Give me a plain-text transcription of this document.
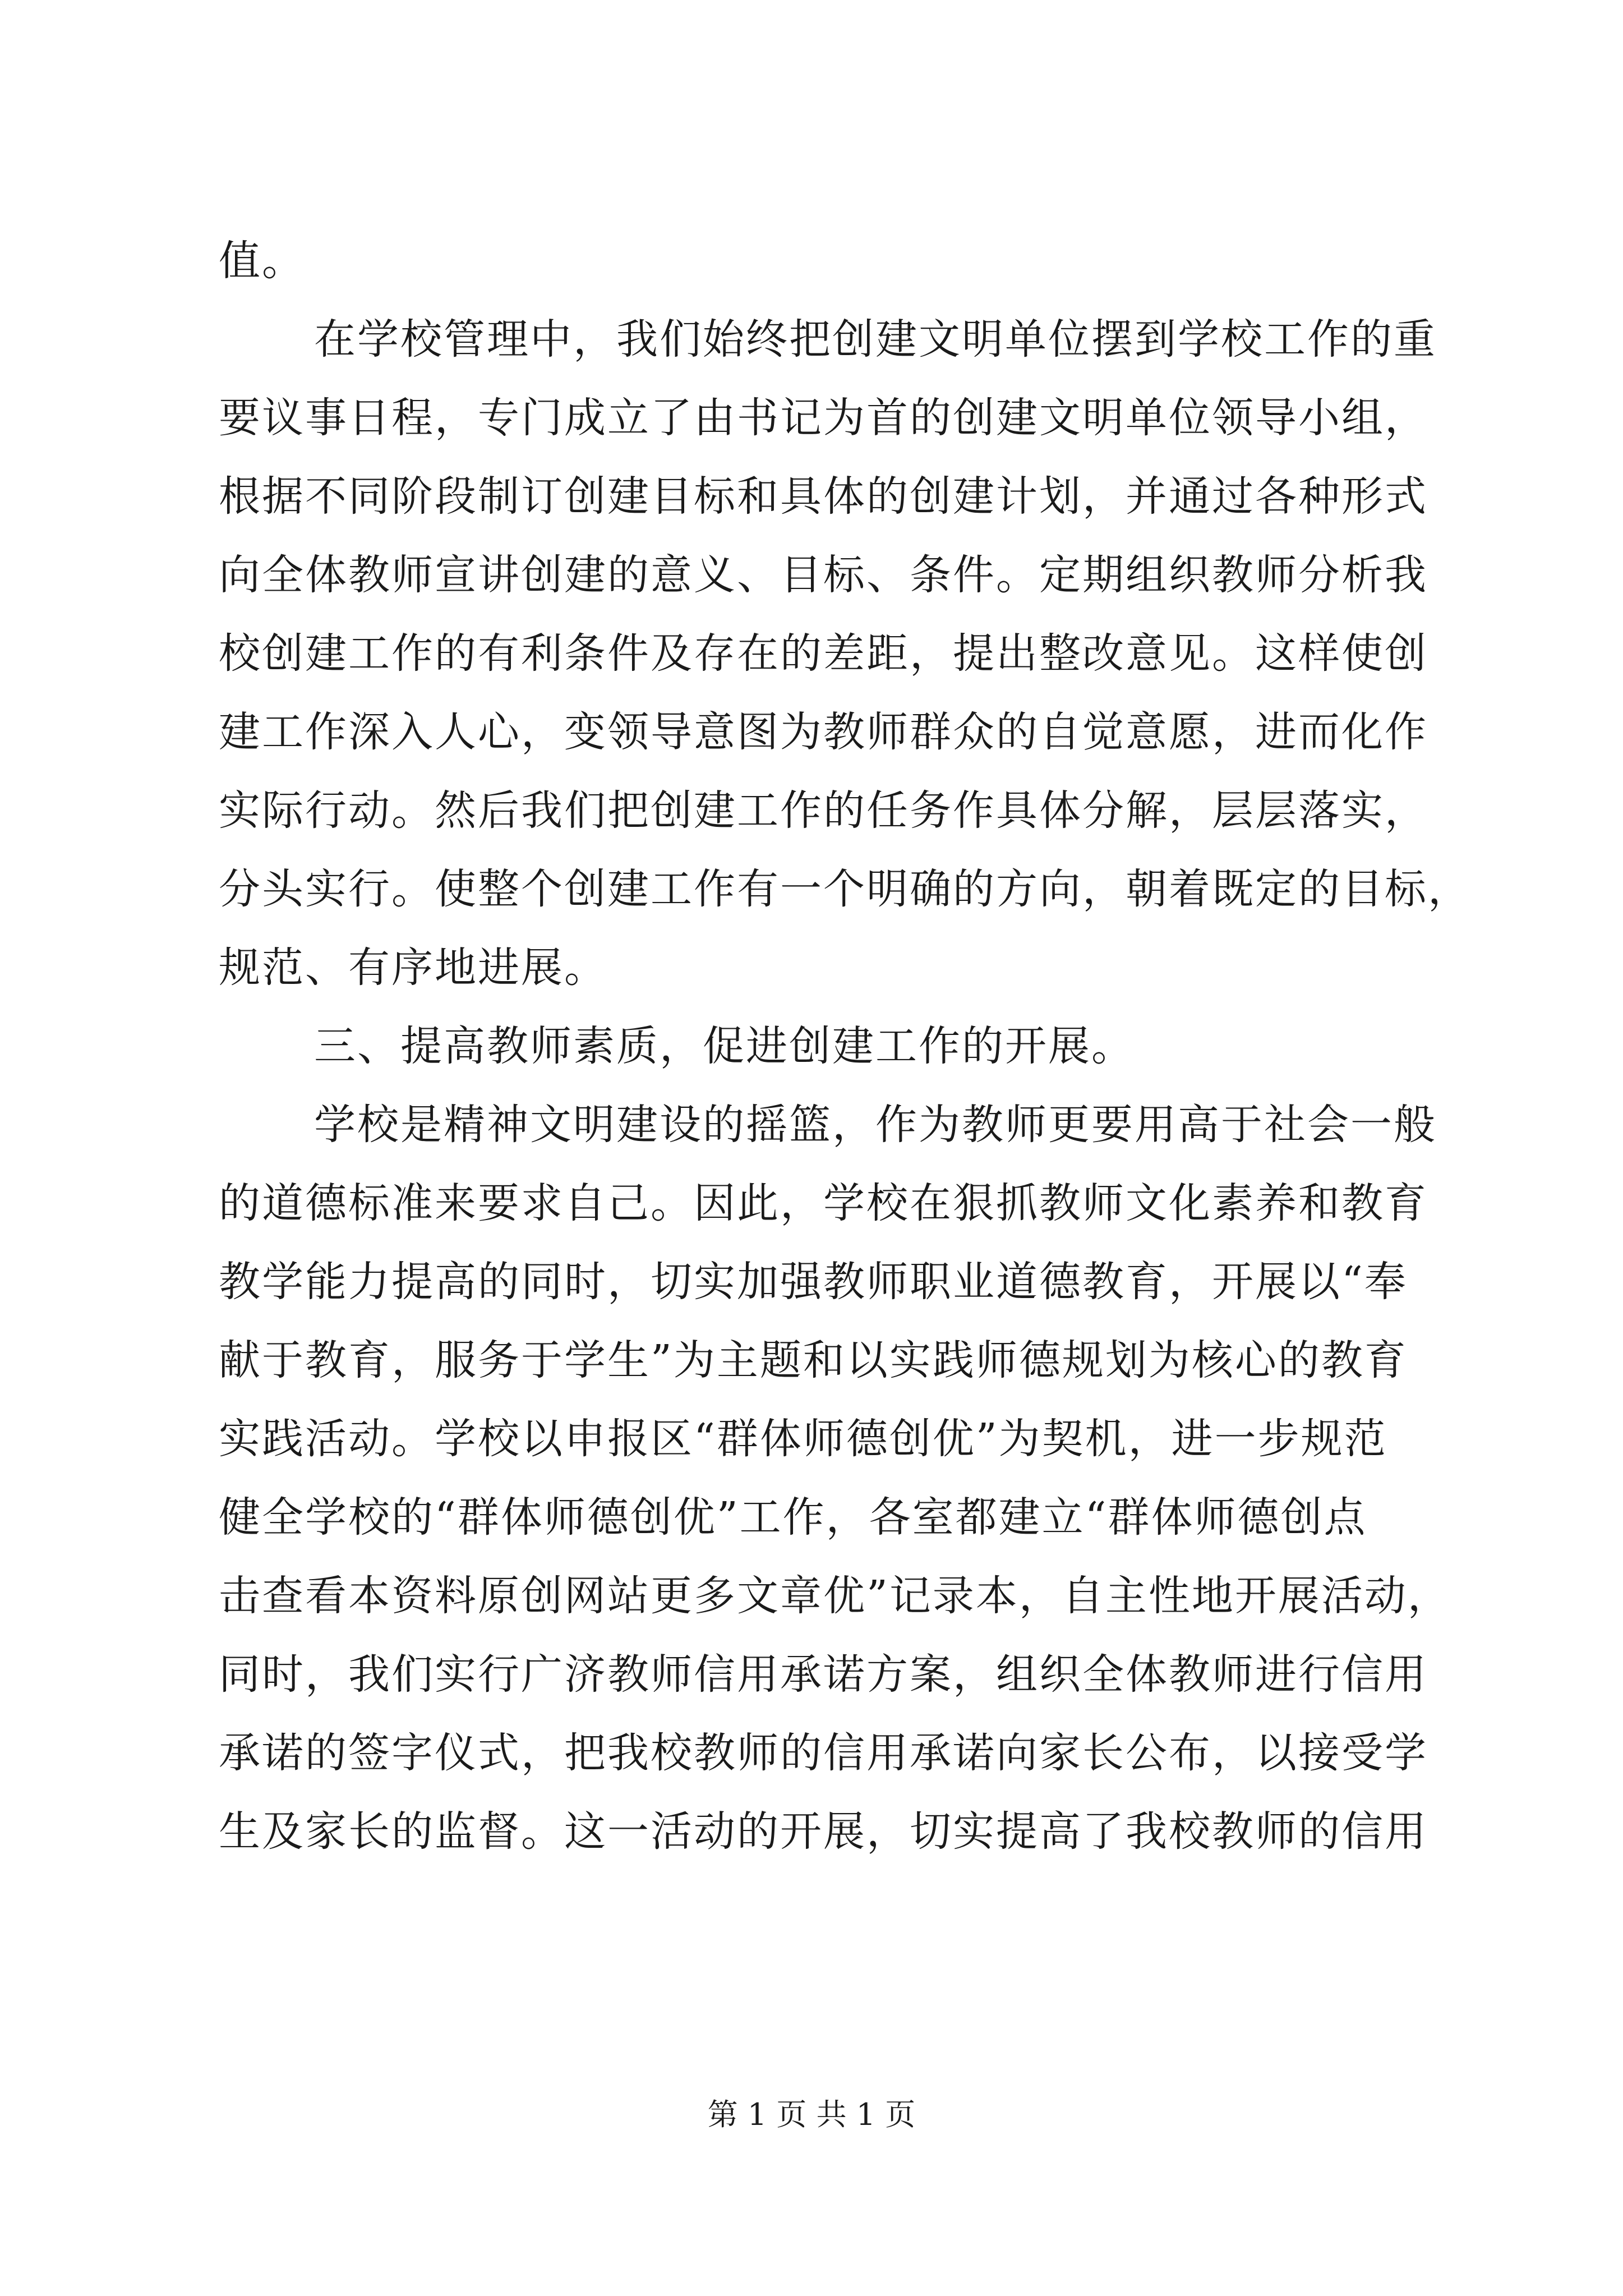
值。
在学校管理中，我们始终把创建文明单位摆到学校工作的重
要议事日程，专门成立了由书记为首的创建文明单位领导小组，
根据不同阶段制订创建目标和具体的创建计划，并通过各种形式
向全体教师宣讲创建的意义、目标、条件。定期组织教师分析我
校创建工作的有利条件及存在的差距，提出整改意见。这样使创
建工作深入人心，变领导意图为教师群众的自觉意愿，进而化作
实际行动。然后我们把创建工作的任务作具体分解，层层落实，
分头实行。使整个创建工作有一个明确的方向，朝着既定的目标，
规范、有序地进展。
三、提高教师素质，促进创建工作的开展。
学校是精神文明建设的摇篮，作为教师更要用高于社会一般
的道德标准来要求自己。因此，学校在狠抓教师文化素养和教育
教学能力提高的同时，切实加强教师职业道德教育，开展以“奉
献于教育，服务于学生”为主题和以实践师德规划为核心的教育
实践活动。学校以申报区“群体师德创优”为契机，进一步规范
健全学校的“群体师德创优”工作，各室都建立“群体师德创点
击查看本资料原创网站更多文章优”记录本，自主性地开展活动，
同时，我们实行广济教师信用承诺方案，组织全体教师进行信用
承诺的签字仪式，把我校教师的信用承诺向家长公布，以接受学
生及家长的监督。这一活动的开展，切实提高了我校教师的信用
第 1 页 共 1 页
